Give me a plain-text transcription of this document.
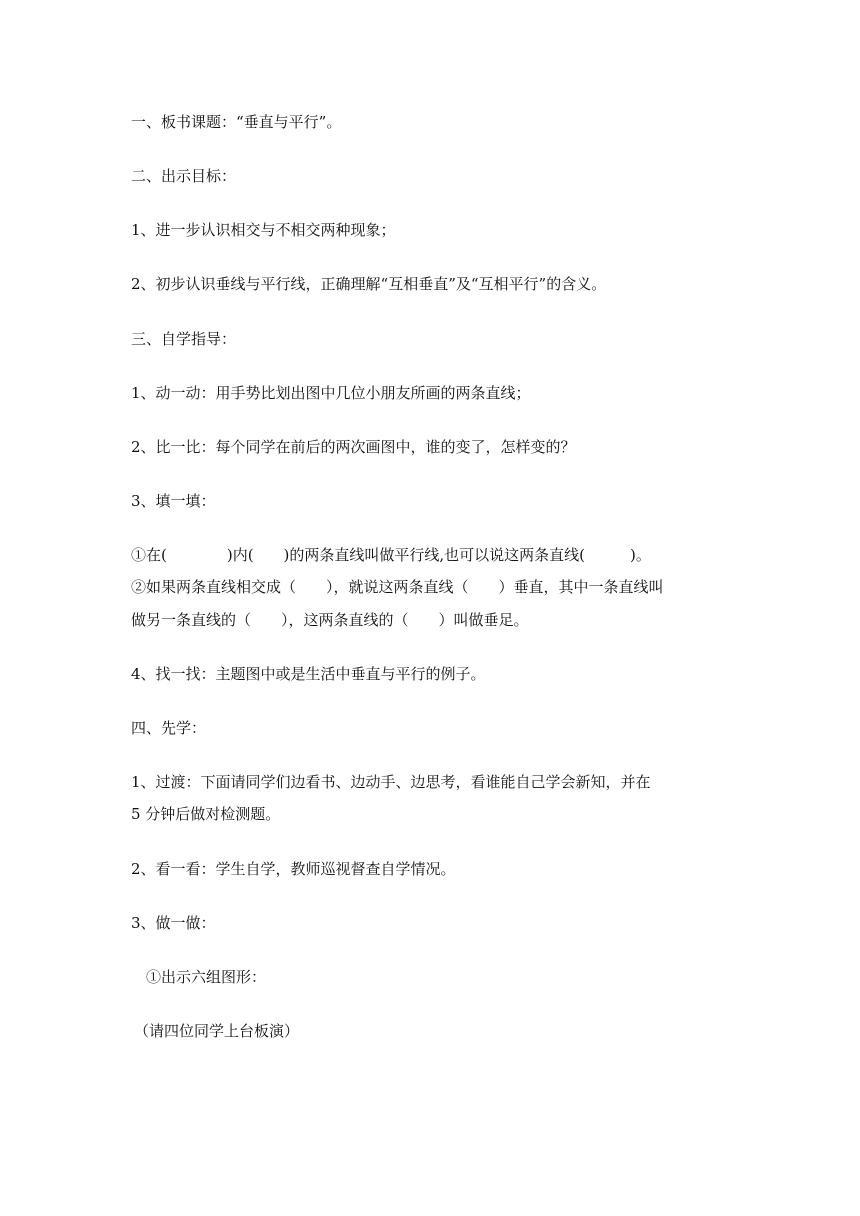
一、板书课题：“垂直与平行”。
二、出示目标：
1、进一步认识相交与不相交两种现象；
2、初步认识垂线与平行线，正确理解“互相垂直”及“互相平行”的含义。
三、自学指导：
1、动一动：用手势比划出图中几位小朋友所画的两条直线；
2、比一比：每个同学在前后的两次画图中，谁的变了，怎样变的？
3、填一填：
①在(　　　　)内(　　)的两条直线叫做平行线,也可以说这两条直线(　　　)。
②如果两条直线相交成（　　），就说这两条直线（　　）垂直，其中一条直线叫
做另一条直线的（　　），这两条直线的（　　）叫做垂足。
4、找一找：主题图中或是生活中垂直与平行的例子。
四、先学：
1、过渡：下面请同学们边看书、边动手、边思考，看谁能自己学会新知，并在
5 分钟后做对检测题。
2、看一看：学生自学，教师巡视督查自学情况。
3、做一做：
①出示六组图形：
（请四位同学上台板演）
